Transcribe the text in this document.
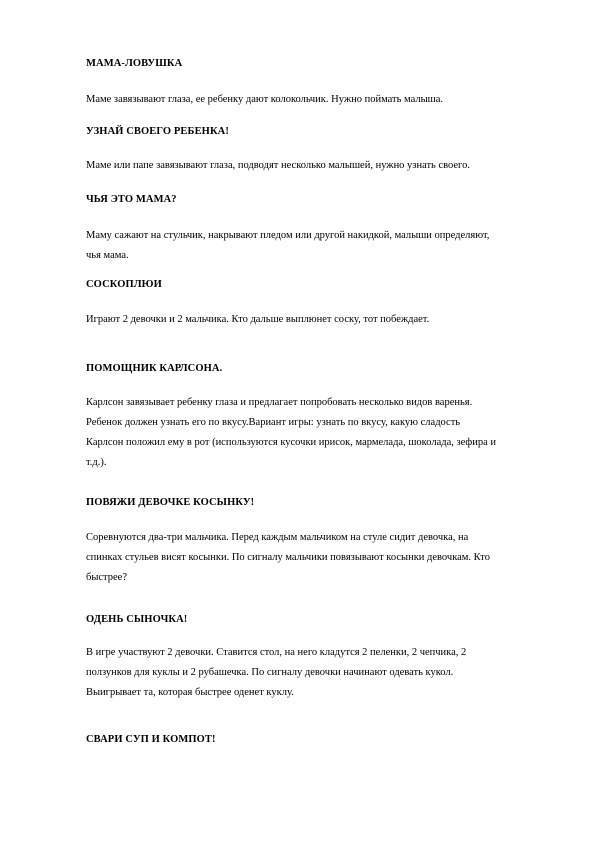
МАМА-ЛОВУШКА
Маме завязывают глаза, ее ребенку дают колокольчик. Нужно поймать малыша.
УЗНАЙ СВОЕГО РЕБЕНКА!
Маме или папе завязывают глаза, подводят несколько малышей, нужно узнать своего.
ЧЬЯ ЭТО МАМА?
Маму сажают на стульчик, накрывают пледом или другой накидкой, малыши определяют,
чья мама.
СОСКОПЛЮИ
Играют 2 девочки и 2 мальчика. Кто дальше выплюнет соску, тот побеждает.
ПОМОЩНИК КАРЛСОНА.
Карлсон завязывает ребенку глаза и предлагает попробовать несколько видов варенья.
Ребенок должен узнать его по вкусу.Вариант игры: узнать по вкусу, какую сладость
Карлсон положил ему в рот (используются кусочки ирисок, мармелада, шоколада, зефира и
т.д.).
ПОВЯЖИ ДЕВОЧКЕ КОСЫНКУ!
Соревнуются два-три мальчика. Перед каждым мальчиком на стуле сидит девочка, на
спинках стульев висят косынки. По сигналу мальчики повязывают косынки девочкам. Кто
быстрее?
ОДЕНЬ СЫНОЧКА!
В игре участвуют 2 девочки. Ставится стол, на него кладутся 2 пеленки, 2 чепчика, 2
ползунков для куклы и 2 рубашечка. По сигналу девочки начинают одевать кукол.
Выигрывает та, которая быстрее оденет куклу.
СВАРИ СУП И КОМПОТ!
